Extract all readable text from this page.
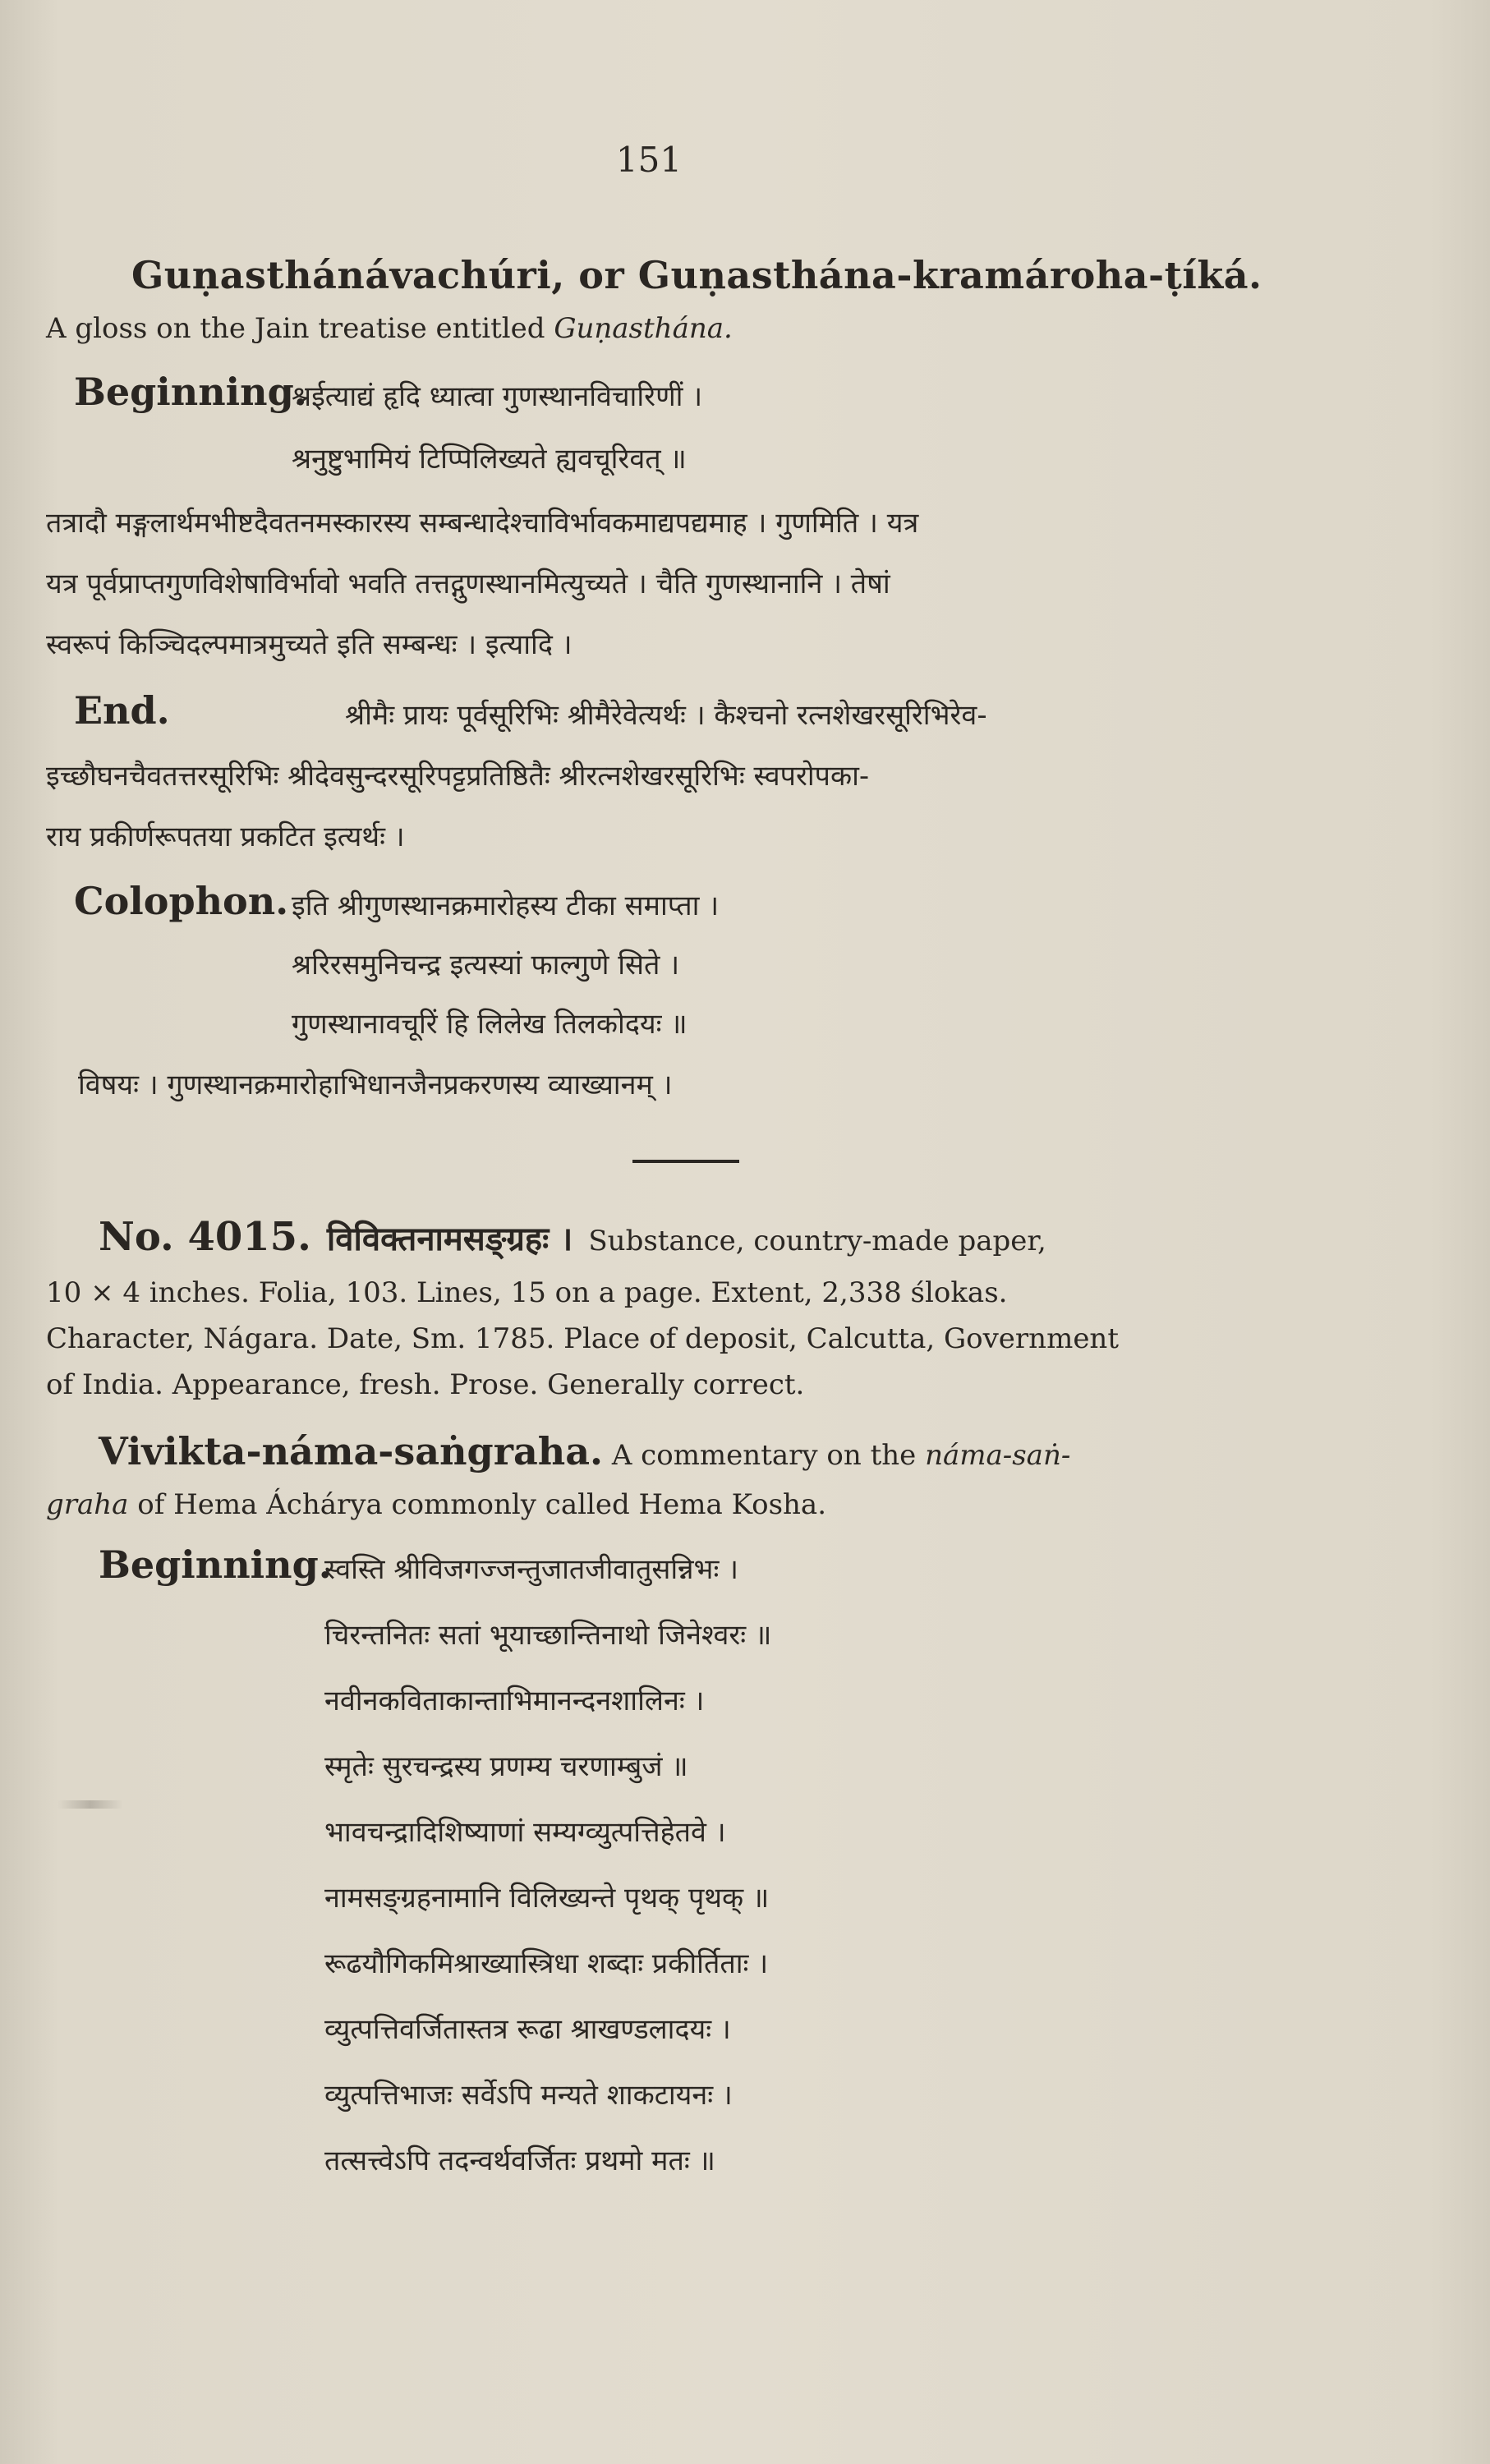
151
Guṇasthánávachúri, or Guṇasthána-kramároha-ṭíká.
A gloss on the Jain treatise entitled Guṇasthána.
Beginning.
श्रईत्याद्यं हृदि ध्यात्वा गुणस्थानविचारिणीं ।
श्रनुष्टुभामियं टिप्पिलिख्यते ह्यवचूरिवत् ॥
तत्रादौ मङ्गलार्थमभीष्टदैवतनमस्कारस्य सम्बन्धादेश्चाविर्भावकमाद्यपद्यमाह । गुणमिति । यत्र
यत्र पूर्वप्राप्तगुणविशेषाविर्भावो भवति तत्तद्गुणस्थानमित्युच्यते । चैति गुणस्थानानि । तेषां
स्वरूपं किञ्चिदल्पमात्रमुच्यते इति सम्बन्धः । इत्यादि ।
End.	श्रीमैः प्रायः पूर्वसूरिभिः श्रीमैरेवेत्यर्थः । कैश्चनो रत्नशेखरसूरिभिरेव-
इच्छौघनचैवतत्तरसूरिभिः श्रीदेवसुन्दरसूरिपट्टप्रतिष्ठितैः श्रीरत्नशेखरसूरिभिः स्वपरोपका-
राय प्रकीर्णरूपतया प्रकटित इत्यर्थः ।
Colophon. इति श्रीगुणस्थानक्रमारोहस्य टीका समाप्ता ।
श्ररिरसमुनिचन्द्र इत्यस्यां फाल्गुणे सिते ।
गुणस्थानावचूरिं हि लिलेख तिलकोदयः ॥
विषयः । गुणस्थानक्रमारोहाभिधानजैनप्रकरणस्य व्याख्यानम् ।
No. 4015. विविक्तनामसङ्ग्रहः । Substance, country-made paper,
10 × 4 inches. Folia, 103. Lines, 15 on a page. Extent, 2,338 ślokas.
Character, Nágara. Date, Sm. 1785. Place of deposit, Calcutta, Government
of India. Appearance, fresh. Prose. Generally correct.
Vivikta-náma-saṅgraha. A commentary on the náma-saṅ-
graha of Hema Áchárya commonly called Hema Kosha.
Beginning.
स्वस्ति श्रीविजगज्जन्तुजातजीवातुसन्निभः ।
चिरन्तनितः सतां भूयाच्छान्तिनाथो जिनेश्वरः ॥
नवीनकविताकान्ताभिमानन्दनशालिनः ।
स्मृतेः सुरचन्द्रस्य प्रणम्य चरणाम्बुजं ॥
भावचन्द्रादिशिष्याणां सम्यग्व्युत्पत्तिहेतवे ।
नामसङ्ग्रहनामानि विलिख्यन्ते पृथक् पृथक् ॥
रूढयौगिकमिश्राख्यास्त्रिधा शब्दाः प्रकीर्तिताः ।
व्युत्पत्तिवर्जितास्तत्र रूढा श्राखण्डलादयः ।
व्युत्पत्तिभाजः सर्वेऽपि मन्यते शाकटायनः ।
तत्सत्त्वेऽपि तदन्वर्थवर्जितः प्रथमो मतः ॥
